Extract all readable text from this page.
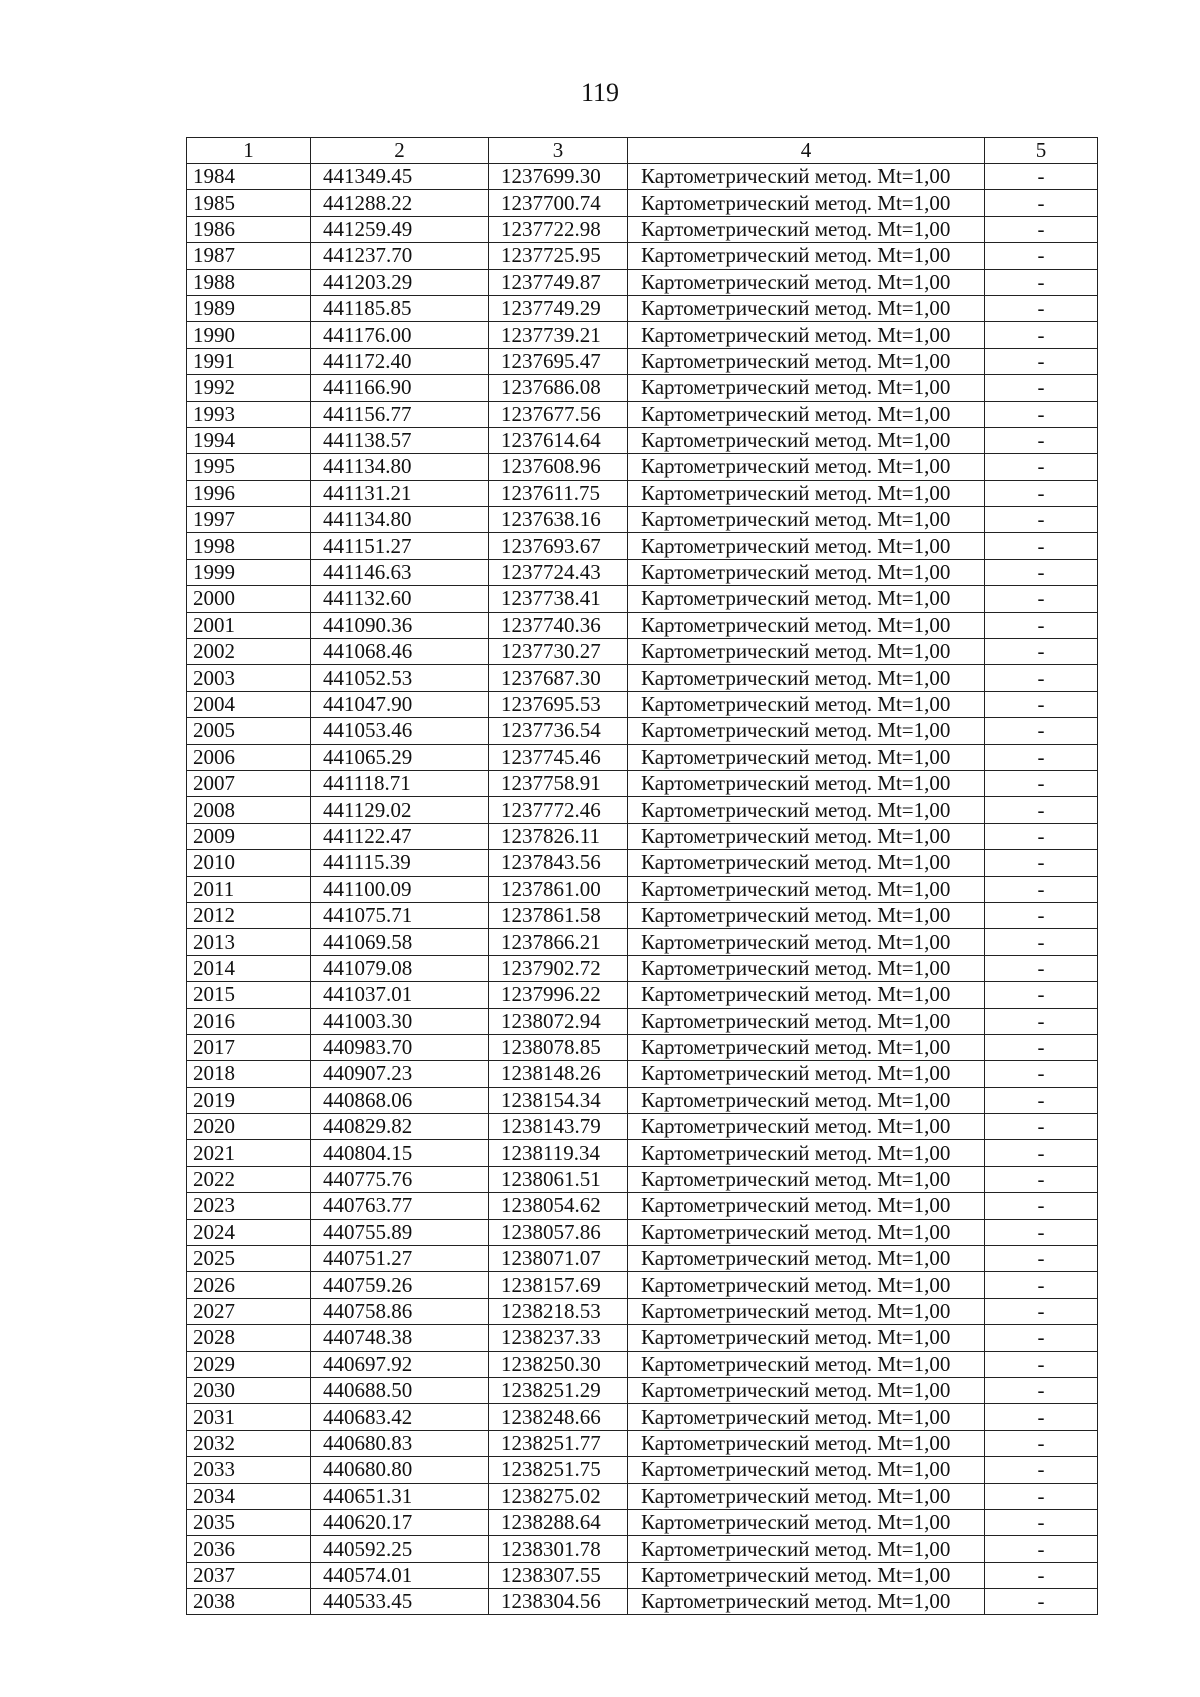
119
1	2	3	4	5
1984	441349.45	1237699.30	Картометрический метод. Mt=1,00	-
1985	441288.22	1237700.74	Картометрический метод. Mt=1,00	-
1986	441259.49	1237722.98	Картометрический метод. Mt=1,00	-
1987	441237.70	1237725.95	Картометрический метод. Mt=1,00	-
1988	441203.29	1237749.87	Картометрический метод. Mt=1,00	-
1989	441185.85	1237749.29	Картометрический метод. Mt=1,00	-
1990	441176.00	1237739.21	Картометрический метод. Mt=1,00	-
1991	441172.40	1237695.47	Картометрический метод. Mt=1,00	-
1992	441166.90	1237686.08	Картометрический метод. Mt=1,00	-
1993	441156.77	1237677.56	Картометрический метод. Mt=1,00	-
1994	441138.57	1237614.64	Картометрический метод. Mt=1,00	-
1995	441134.80	1237608.96	Картометрический метод. Mt=1,00	-
1996	441131.21	1237611.75	Картометрический метод. Mt=1,00	-
1997	441134.80	1237638.16	Картометрический метод. Mt=1,00	-
1998	441151.27	1237693.67	Картометрический метод. Mt=1,00	-
1999	441146.63	1237724.43	Картометрический метод. Mt=1,00	-
2000	441132.60	1237738.41	Картометрический метод. Mt=1,00	-
2001	441090.36	1237740.36	Картометрический метод. Mt=1,00	-
2002	441068.46	1237730.27	Картометрический метод. Mt=1,00	-
2003	441052.53	1237687.30	Картометрический метод. Mt=1,00	-
2004	441047.90	1237695.53	Картометрический метод. Mt=1,00	-
2005	441053.46	1237736.54	Картометрический метод. Mt=1,00	-
2006	441065.29	1237745.46	Картометрический метод. Mt=1,00	-
2007	441118.71	1237758.91	Картометрический метод. Mt=1,00	-
2008	441129.02	1237772.46	Картометрический метод. Mt=1,00	-
2009	441122.47	1237826.11	Картометрический метод. Mt=1,00	-
2010	441115.39	1237843.56	Картометрический метод. Mt=1,00	-
2011	441100.09	1237861.00	Картометрический метод. Mt=1,00	-
2012	441075.71	1237861.58	Картометрический метод. Mt=1,00	-
2013	441069.58	1237866.21	Картометрический метод. Mt=1,00	-
2014	441079.08	1237902.72	Картометрический метод. Mt=1,00	-
2015	441037.01	1237996.22	Картометрический метод. Mt=1,00	-
2016	441003.30	1238072.94	Картометрический метод. Mt=1,00	-
2017	440983.70	1238078.85	Картометрический метод. Mt=1,00	-
2018	440907.23	1238148.26	Картометрический метод. Mt=1,00	-
2019	440868.06	1238154.34	Картометрический метод. Mt=1,00	-
2020	440829.82	1238143.79	Картометрический метод. Mt=1,00	-
2021	440804.15	1238119.34	Картометрический метод. Mt=1,00	-
2022	440775.76	1238061.51	Картометрический метод. Mt=1,00	-
2023	440763.77	1238054.62	Картометрический метод. Mt=1,00	-
2024	440755.89	1238057.86	Картометрический метод. Mt=1,00	-
2025	440751.27	1238071.07	Картометрический метод. Mt=1,00	-
2026	440759.26	1238157.69	Картометрический метод. Mt=1,00	-
2027	440758.86	1238218.53	Картометрический метод. Mt=1,00	-
2028	440748.38	1238237.33	Картометрический метод. Mt=1,00	-
2029	440697.92	1238250.30	Картометрический метод. Mt=1,00	-
2030	440688.50	1238251.29	Картометрический метод. Mt=1,00	-
2031	440683.42	1238248.66	Картометрический метод. Mt=1,00	-
2032	440680.83	1238251.77	Картометрический метод. Mt=1,00	-
2033	440680.80	1238251.75	Картометрический метод. Mt=1,00	-
2034	440651.31	1238275.02	Картометрический метод. Mt=1,00	-
2035	440620.17	1238288.64	Картометрический метод. Mt=1,00	-
2036	440592.25	1238301.78	Картометрический метод. Mt=1,00	-
2037	440574.01	1238307.55	Картометрический метод. Mt=1,00	-
2038	440533.45	1238304.56	Картометрический метод. Mt=1,00	-
